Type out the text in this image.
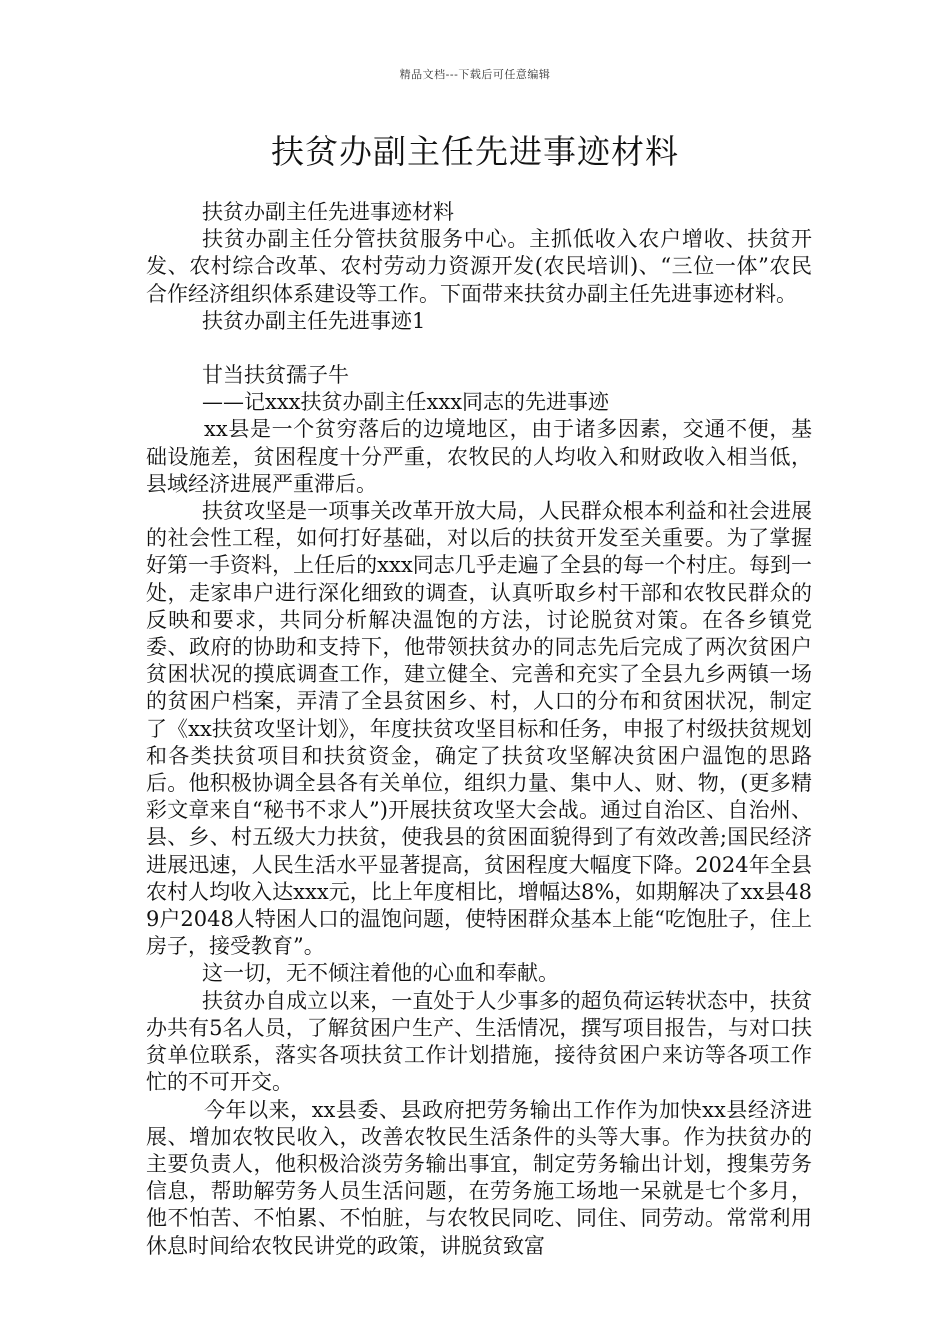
精品文档---下载后可任意编辑
扶贫办副主任先进事迹材料

扶贫办副主任先进事迹材料

扶贫办副主任分管扶贫服务中心。主抓低收入农户增收、扶贫开发、农村综合改革、农村劳动力资源开发(农民培训)、“三位一体”农民合作经济组织体系建设等工作。下面带来扶贫办副主任先进事迹材料。

扶贫办副主任先进事迹1

甘当扶贫孺子牛

——记xxx扶贫办副主任xxx同志的先进事迹

xx县是一个贫穷落后的边境地区，由于诸多因素，交通不便，基础设施差，贫困程度十分严重，农牧民的人均收入和财政收入相当低，县域经济进展严重滞后。

扶贫攻坚是一项事关改革开放大局，人民群众根本利益和社会进展的社会性工程，如何打好基础，对以后的扶贫开发至关重要。为了掌握好第一手资料，上任后的xxx同志几乎走遍了全县的每一个村庄。每到一处，走家串户进行深化细致的调查，认真听取乡村干部和农牧民群众的反映和要求，共同分析解决温饱的方法，讨论脱贫对策。在各乡镇党委、政府的协助和支持下，他带领扶贫办的同志先后完成了两次贫困户贫困状况的摸底调查工作，建立健全、完善和充实了全县九乡两镇一场的贫困户档案，弄清了全县贫困乡、村，人口的分布和贫困状况，制定了《xx扶贫攻坚计划》，年度扶贫攻坚目标和任务，申报了村级扶贫规划和各类扶贫项目和扶贫资金，确定了扶贫攻坚解决贫困户温饱的思路后。他积极协调全县各有关单位，组织力量、集中人、财、物，(更多精彩文章来自“秘书不求人”)开展扶贫攻坚大会战。通过自治区、自治州、县、乡、村五级大力扶贫，使我县的贫困面貌得到了有效改善;国民经济进展迅速，人民生活水平显著提高，贫困程度大幅度下降。2024年全县农村人均收入达xxx元，比上年度相比，增幅达8%，如期解决了xx县489户2048人特困人口的温饱问题，使特困群众基本上能“吃饱肚子，住上房子，接受教育”。

这一切，无不倾注着他的心血和奉献。

扶贫办自成立以来，一直处于人少事多的超负荷运转状态中，扶贫办共有5名人员，了解贫困户生产、生活情况，撰写项目报告，与对口扶贫单位联系，落实各项扶贫工作计划措施，接待贫困户来访等各项工作忙的不可开交。

今年以来，xx县委、县政府把劳务输出工作作为加快xx县经济进展、增加农牧民收入，改善农牧民生活条件的头等大事。作为扶贫办的主要负责人，他积极洽淡劳务输出事宜，制定劳务输出计划，搜集劳务信息，帮助解劳务人员生活问题，在劳务施工场地一呆就是七个多月，他不怕苦、不怕累、不怕脏，与农牧民同吃、同住、同劳动。常常利用休息时间给农牧民讲党的政策，讲脱贫致富
